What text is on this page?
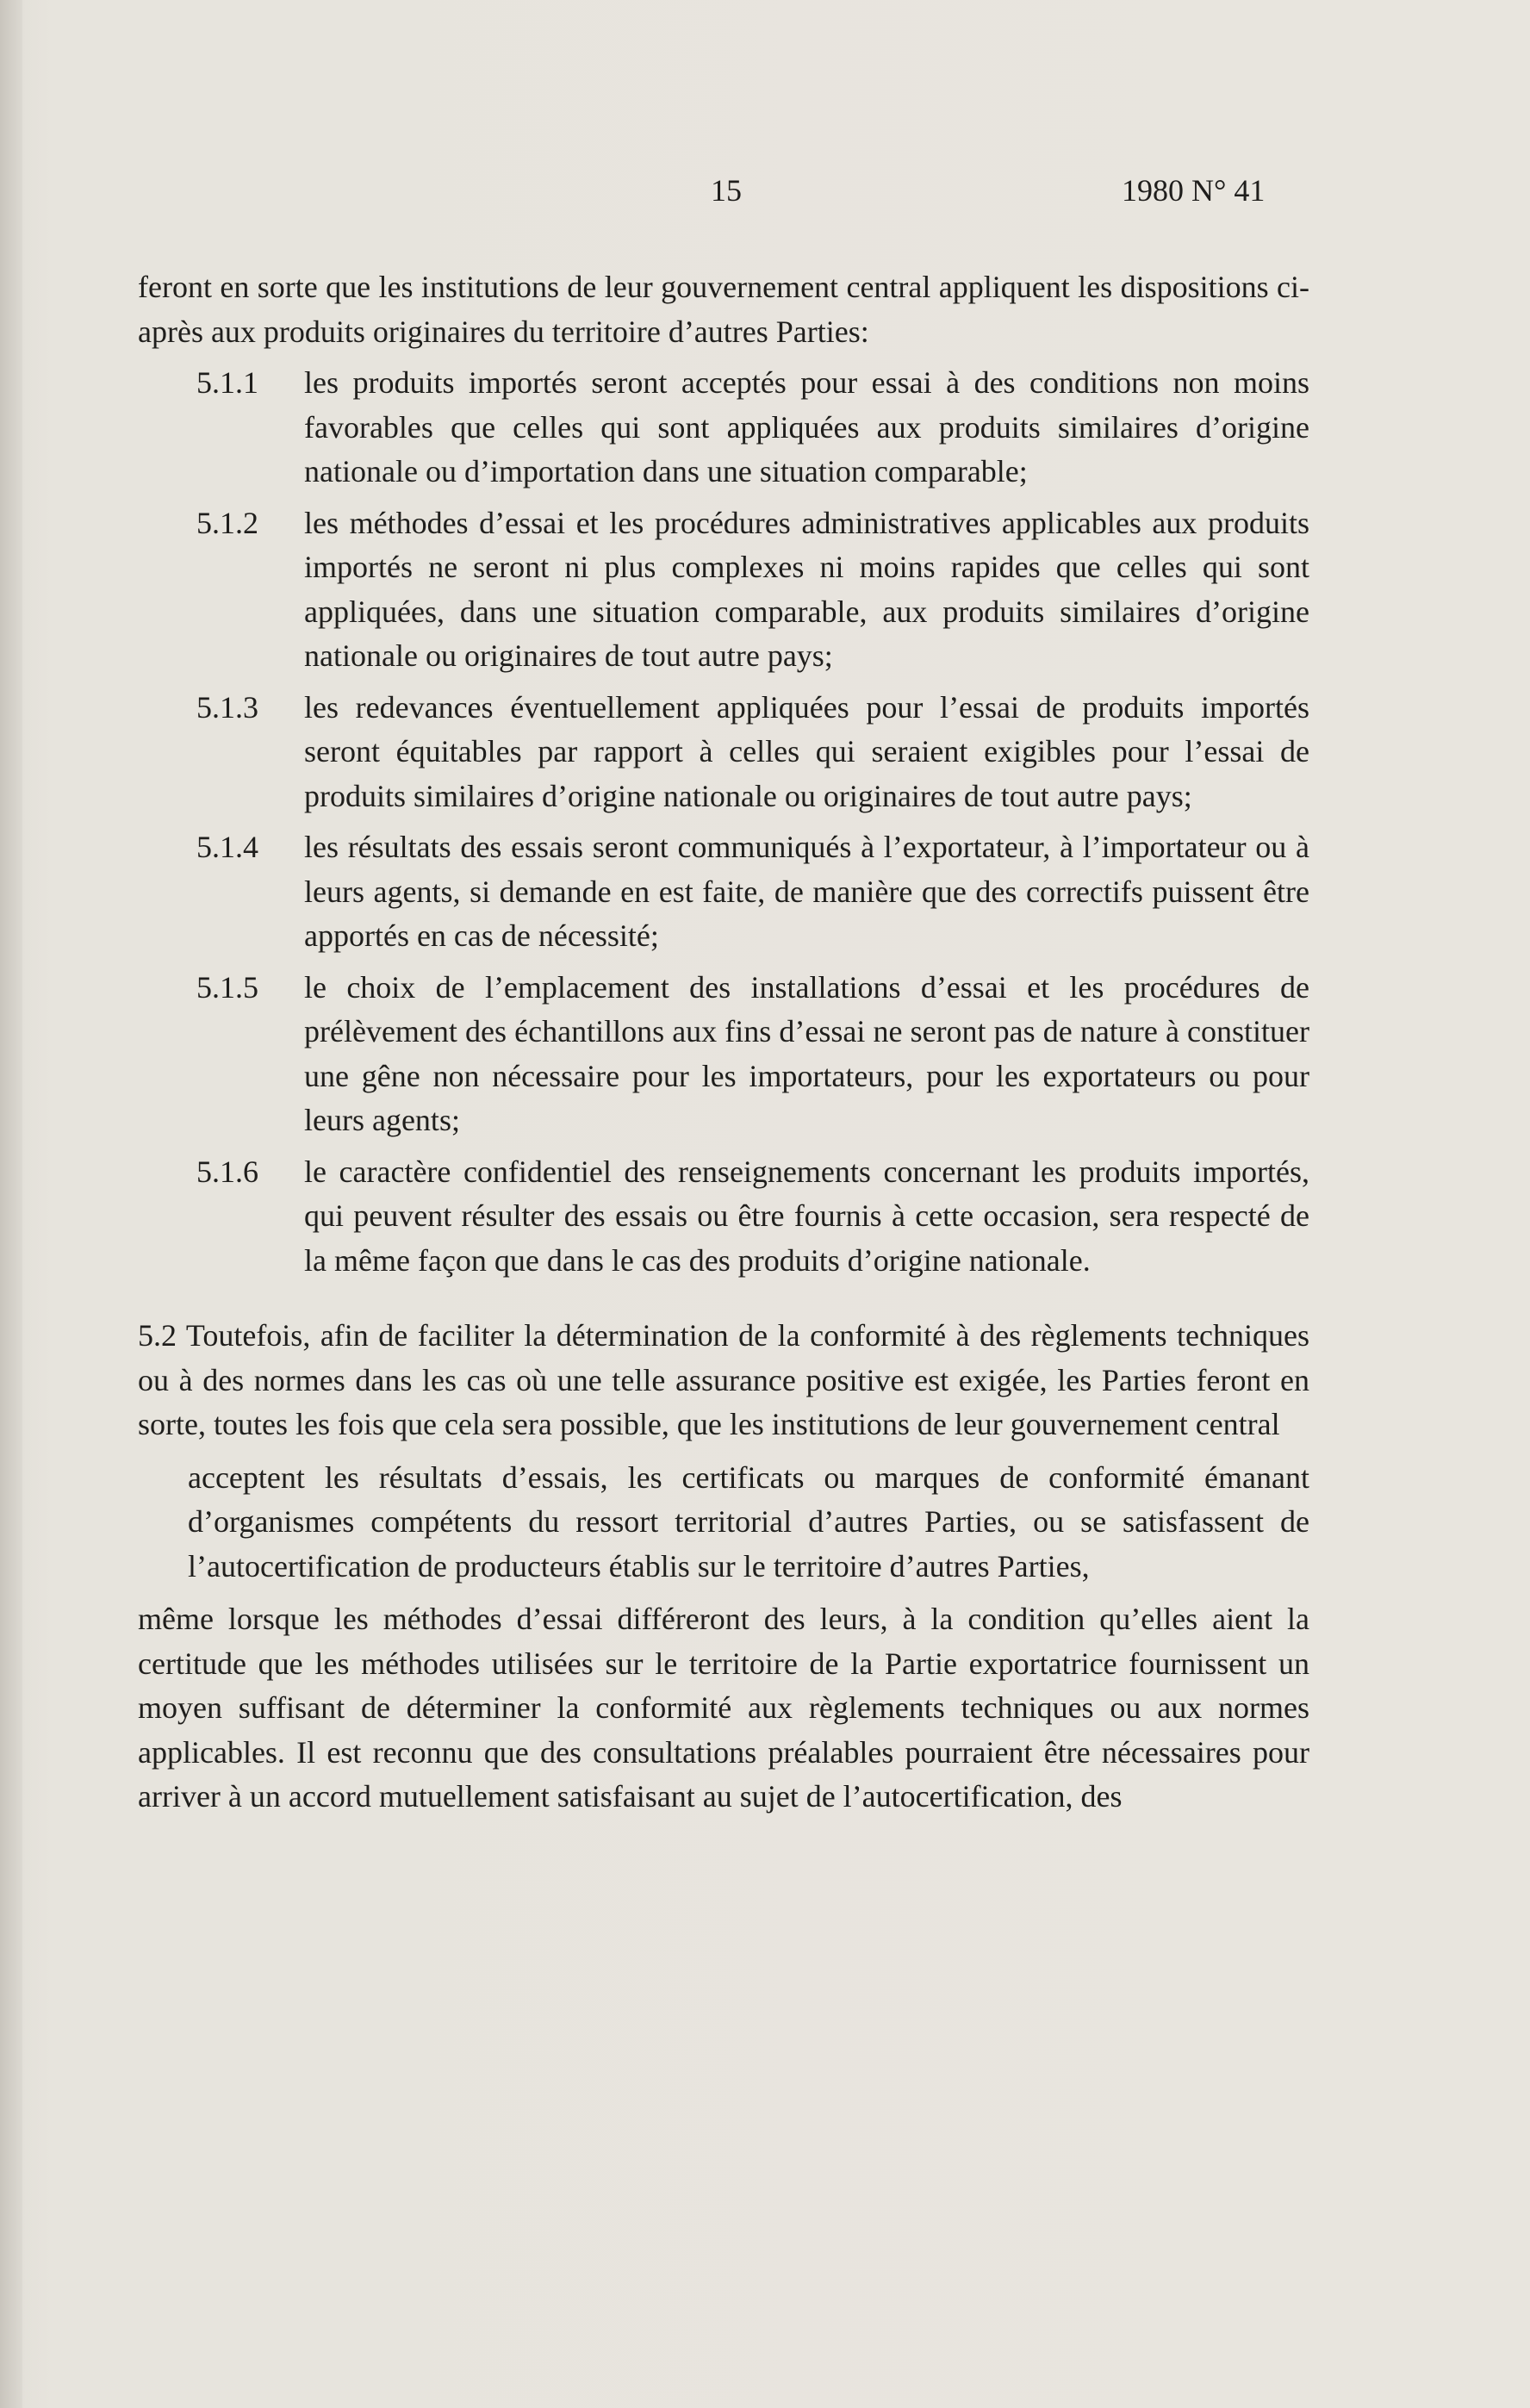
15	1980 N° 41

feront en sorte que les institutions de leur gouvernement central appliquent les dispositions ci-après aux produits originaires du territoire d’autres Parties:

5.1.1	les produits importés seront acceptés pour essai à des conditions non moins favorables que celles qui sont appliquées aux produits similaires d’origine nationale ou d’importation dans une situation comparable;
5.1.2	les méthodes d’essai et les procédures administratives applicables aux produits importés ne seront ni plus complexes ni moins rapides que celles qui sont appliquées, dans une situation comparable, aux produits similaires d’origine nationale ou originaires de tout autre pays;
5.1.3	les redevances éventuellement appliquées pour l’essai de produits importés seront équitables par rapport à celles qui seraient exigibles pour l’essai de produits similaires d’origine nationale ou originaires de tout autre pays;
5.1.4	les résultats des essais seront communiqués à l’exportateur, à l’importateur ou à leurs agents, si demande en est faite, de manière que des correctifs puissent être apportés en cas de nécessité;
5.1.5	le choix de l’emplacement des installations d’essai et les procédures de prélèvement des échantillons aux fins d’essai ne seront pas de nature à constituer une gêne non nécessaire pour les importateurs, pour les exportateurs ou pour leurs agents;
5.1.6	le caractère confidentiel des renseignements concernant les produits importés, qui peuvent résulter des essais ou être fournis à cette occasion, sera respecté de la même façon que dans le cas des produits d’origine nationale.

5.2 Toutefois, afin de faciliter la détermination de la conformité à des règlements techniques ou à des normes dans les cas où une telle assurance positive est exigée, les Parties feront en sorte, toutes les fois que cela sera possible, que les institutions de leur gouvernement central

acceptent les résultats d’essais, les certificats ou marques de conformité émanant d’organismes compétents du ressort territorial d’autres Parties, ou se satisfassent de l’autocertification de producteurs établis sur le territoire d’autres Parties,

même lorsque les méthodes d’essai différeront des leurs, à la condition qu’elles aient la certitude que les méthodes utilisées sur le territoire de la Partie exportatrice fournissent un moyen suffisant de déterminer la conformité aux règlements techniques ou aux normes applicables. Il est reconnu que des consultations préalables pourraient être nécessaires pour arriver à un accord mutuellement satisfaisant au sujet de l’autocertification, des
